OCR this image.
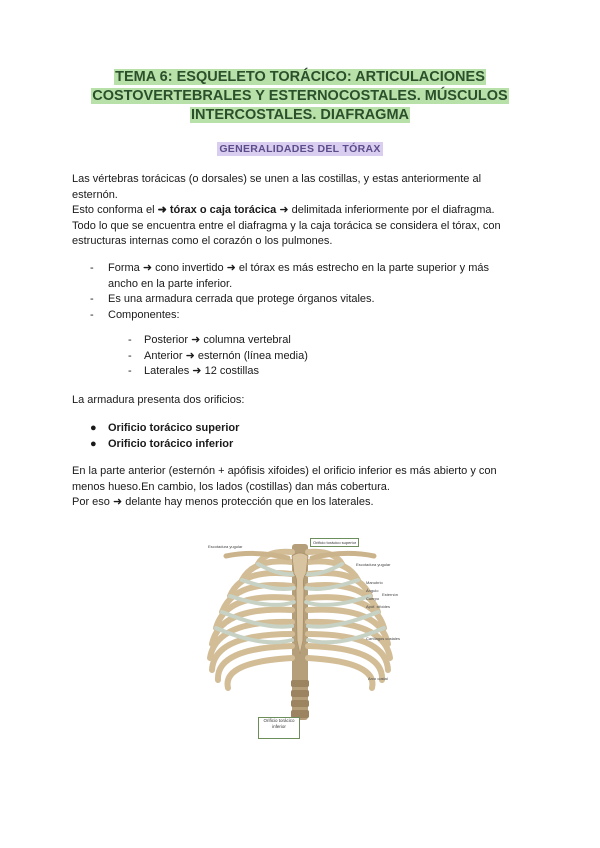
TEMA 6: ESQUELETO TORÁCICO: ARTICULACIONES
COSTOVERTEBRALES Y ESTERNOCOSTALES. MÚSCULOS
INTERCOSTALES. DIAFRAGMA
GENERALIDADES DEL TÓRAX

Las vértebras torácicas (o dorsales) se unen a las costillas, y estas anteriormente al

esternón.

Esto conforma el ➜ tórax o caja torácica ➜ delimitada inferiormente por el diafragma.

Todo lo que se encuentra entre el diafragma y la caja torácica se considera el tórax, con

estructuras internas como el corazón o los pulmones.

- Forma ➜ cono invertido ➜ el tórax es más estrecho en la parte superior y más
ancho en la parte inferior.
- Es una armadura cerrada que protege órganos vitales.
- Componentes:
- Posterior ➜ columna vertebral
- Anterior ➜ esternón (línea media)
- Laterales ➜ 12 costillas

La armadura presenta dos orificios:

● Orificio torácico superior
● Orificio torácico inferior

En la parte anterior (esternón + apófisis xifoides) el orificio inferior es más abierto y con

menos hueso.En cambio, los lados (costillas) dan más cobertura.

Por eso ➜ delante hay menos protección que en los laterales.

Escotadura yugular
Orificio torácico superior
Escotadura yugular
Manubrio
Ángulo
Cuerpo
Apóf. xifoides
Esternón
Cartílagos costales
Arco costal
Orificio torácico
inferior
